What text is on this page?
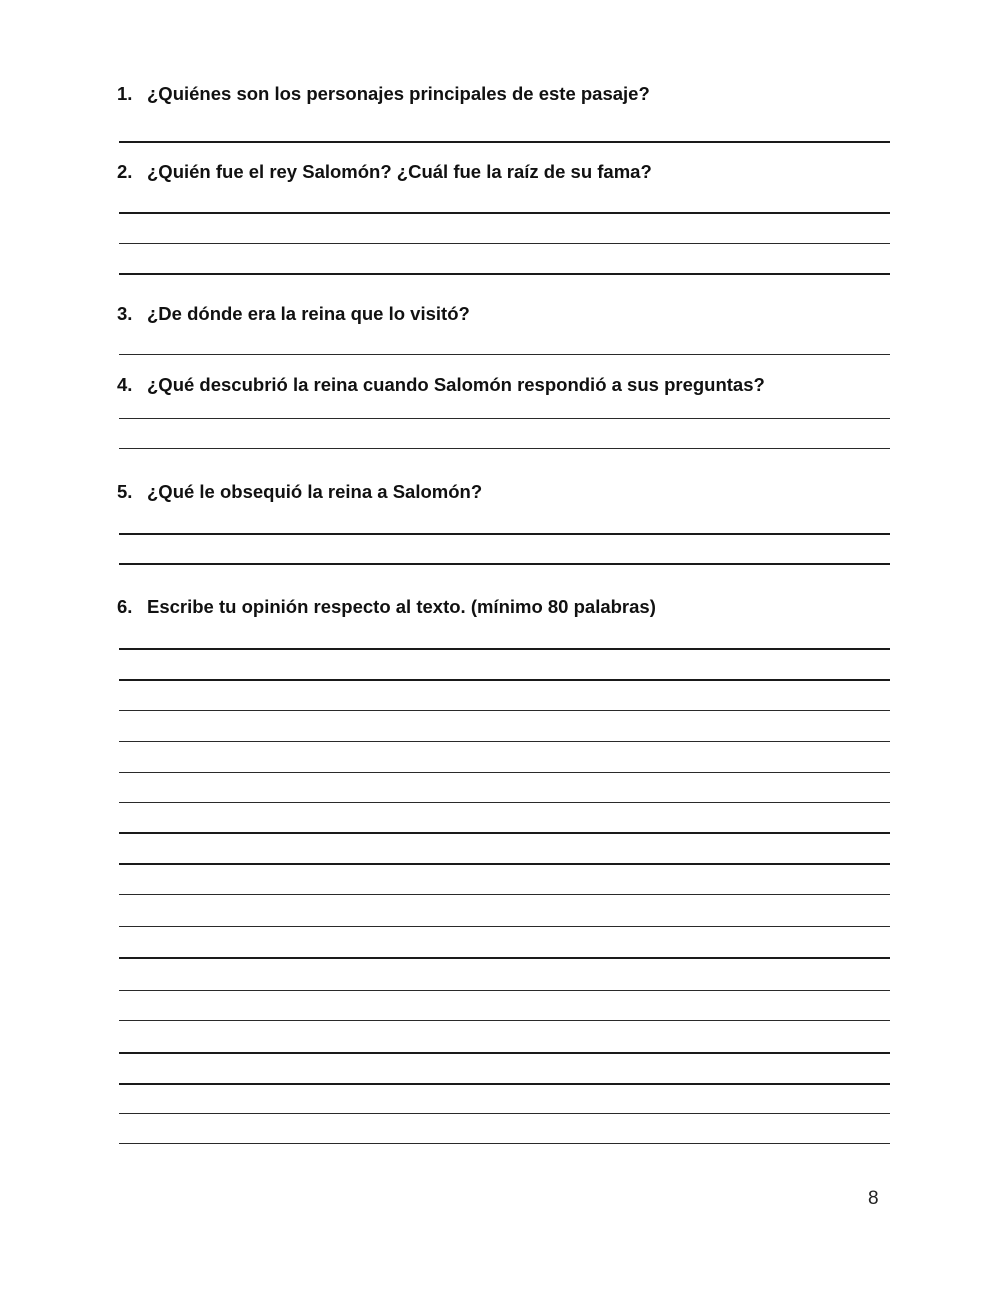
1. ¿Quiénes son los personajes principales de este pasaje?
2. ¿Quién fue el rey Salomón? ¿Cuál fue la raíz de su fama?
3. ¿De dónde era la reina que lo visitó?
4. ¿Qué descubrió la reina cuando Salomón respondió a sus preguntas?
5. ¿Qué le obsequió la reina a Salomón?
6. Escribe tu opinión respecto al texto. (mínimo 80 palabras)
8
